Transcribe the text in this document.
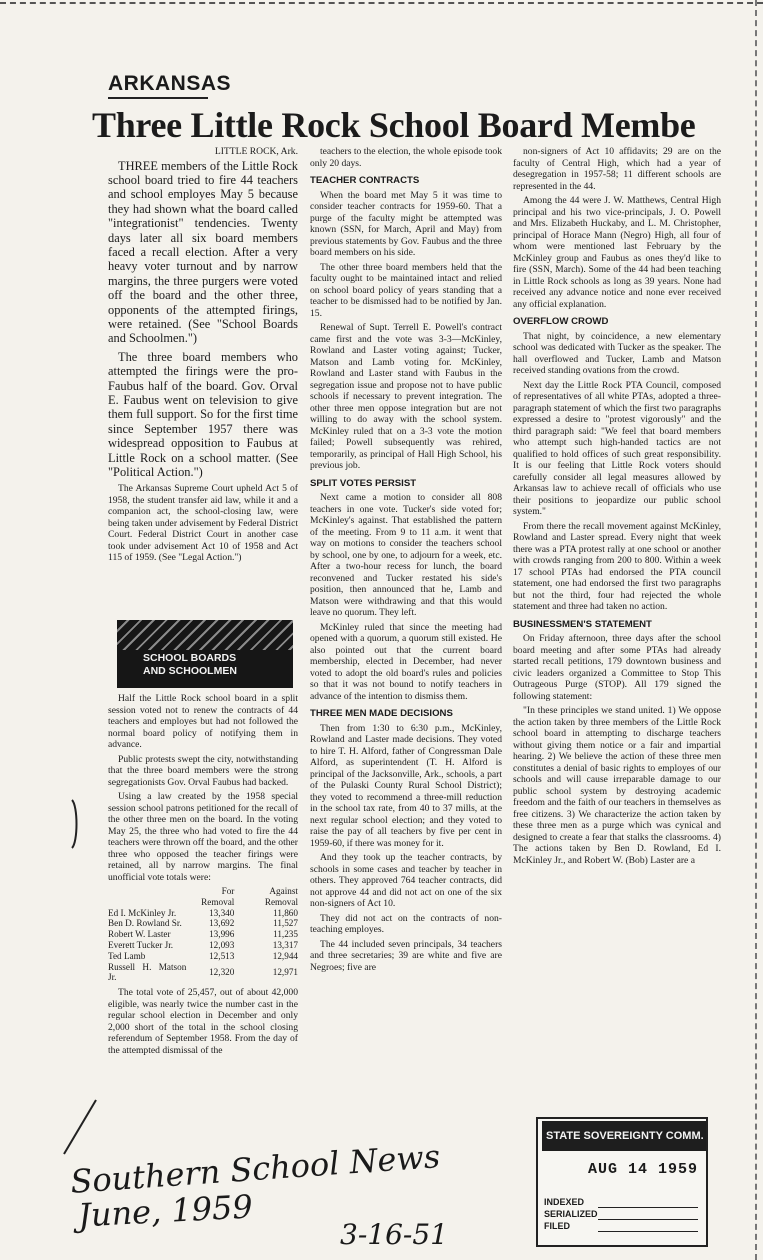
ARKANSAS
Three Little Rock School Board Membe

LITTLE ROCK, Ark.

THREE members of the Little Rock school board tried to fire 44 teachers and school employes May 5 because they had shown what the board called "integrationist" tendencies. Twenty days later all six board members faced a recall election. After a very heavy voter turnout and by narrow margins, the three purgers were voted off the board and the other three, opponents of the attempted firings, were retained. (See "School Boards and Schoolmen.")

The three board members who attempted the firings were the pro-Faubus half of the board. Gov. Orval E. Faubus went on television to give them full support. So for the first time since September 1957 there was widespread opposition to Faubus at Little Rock on a school matter. (See "Political Action.")

The Arkansas Supreme Court upheld Act 5 of 1958, the student transfer aid law, while it and a companion act, the school-closing law, were being taken under advisement by Federal District Court. Federal District Court in another case took under advisement Act 10 of 1958 and Act 115 of 1959. (See "Legal Action.")

SCHOOL BOARDS
AND SCHOOLMEN

Half the Little Rock school board in a split session voted not to renew the contracts of 44 teachers and employes but had not followed the normal board policy of notifying them in advance.

Public protests swept the city, notwithstanding that the three board members were the strong segregationists Gov. Orval Faubus had backed.

Using a law created by the 1958 special session school patrons petitioned for the recall of the other three men on the board. In the voting May 25, the three who had voted to fire the 44 teachers were thrown off the board, and the other three who opposed the teacher firings were retained, all by narrow margins. The final unofficial vote totals were:

	For Removal	Against Removal
Ed I. McKinley Jr.	13,340	11,860
Ben D. Rowland Sr.	13,692	11,527
Robert W. Laster	13,996	11,235
Everett Tucker Jr.	12,093	13,317
Ted Lamb	12,513	12,944
Russell H. Matson Jr.	12,320	12,971

The total vote of 25,457, out of about 42,000 eligible, was nearly twice the number cast in the regular school election in December and only 2,000 short of the total in the school closing referendum of September 1958. From the day of the attempted dismissal of the

teachers to the election, the whole episode took only 20 days.

TEACHER CONTRACTS

When the board met May 5 it was time to consider teacher contracts for 1959-60. That a purge of the faculty might be attempted was known (SSN, for March, April and May) from previous statements by Gov. Faubus and the three board members on his side.

The other three board members held that the faculty ought to be maintained intact and relied on school board policy of years standing that a teacher to be dismissed had to be notified by Jan. 15.

Renewal of Supt. Terrell E. Powell's contract came first and the vote was 3-3—McKinley, Rowland and Laster voting against; Tucker, Matson and Lamb voting for. McKinley, Rowland and Laster stand with Faubus in the segregation issue and propose not to have public schools if necessary to prevent integration. The other three men oppose integration but are not willing to do away with the school system. McKinley ruled that on a 3-3 vote the motion failed; Powell subsequently was rehired, temporarily, as principal of Hall High School, his previous job.

SPLIT VOTES PERSIST

Next came a motion to consider all 808 teachers in one vote. Tucker's side voted for; McKinley's against. That established the pattern of the meeting. From 9 to 11 a.m. it went that way on motions to consider the teachers school by school, one by one, to adjourn for a week, etc. After a two-hour recess for lunch, the board reconvened and Tucker restated his side's position, then announced that he, Lamb and Matson were withdrawing and that this would leave no quorum. They left.

McKinley ruled that since the meeting had opened with a quorum, a quorum still existed. He also pointed out that the current board membership, elected in December, had never voted to adopt the old board's rules and policies so that it was not bound to notify teachers in advance of the intention to dismiss them.

THREE MEN MADE DECISIONS

Then from 1:30 to 6:30 p.m., McKinley, Rowland and Laster made decisions. They voted to hire T. H. Alford, father of Congressman Dale Alford, as superintendent (T. H. Alford is principal of the Jacksonville, Ark., schools, a part of the Pulaski County Rural School District); they voted to recommend a three-mill reduction in the school tax rate, from 40 to 37 mills, at the next regular school election; and they voted to raise the pay of all teachers by five per cent in 1959-60, if there was money for it.

And they took up the teacher contracts, by schools in some cases and teacher by teacher in others. They approved 764 teacher contracts, did not approve 44 and did not act on one of the six non-signers of Act 10.

They did not act on the contracts of non-teaching employes.

The 44 included seven principals, 34 teachers and three secretaries; 39 are white and five are Negroes; five are

non-signers of Act 10 affidavits; 29 are on the faculty of Central High, which had a year of desegregation in 1957-58; 11 different schools are represented in the 44.

Among the 44 were J. W. Matthews, Central High principal and his two vice-principals, J. O. Powell and Mrs. Elizabeth Huckaby, and L. M. Christopher, principal of Horace Mann (Negro) High, all four of whom were mentioned last February by the McKinley group and Faubus as ones they'd like to fire (SSN, March). Some of the 44 had been teaching in Little Rock schools as long as 39 years. None had received any advance notice and none ever received any official explanation.

OVERFLOW CROWD

That night, by coincidence, a new elementary school was dedicated with Tucker as the speaker. The hall overflowed and Tucker, Lamb and Matson received standing ovations from the crowd.

Next day the Little Rock PTA Council, composed of representatives of all white PTAs, adopted a three-paragraph statement of which the first two paragraphs expressed a desire to "protest vigorously" and the third paragraph said: "We feel that board members who attempt such high-handed tactics are not qualified to hold offices of such great responsibility. It is our feeling that Little Rock voters should carefully consider all legal measures allowed by Arkansas law to achieve recall of officials who use their positions to jeopardize our public school system."

From there the recall movement against McKinley, Rowland and Laster spread. Every night that week there was a PTA protest rally at one school or another with crowds ranging from 200 to 800. Within a week 17 school PTAs had endorsed the PTA council statement, one had endorsed the first two paragraphs but not the third, four had rejected the whole statement and three had taken no action.

BUSINESSMEN'S STATEMENT

On Friday afternoon, three days after the school board meeting and after some PTAs had already started recall petitions, 179 downtown business and civic leaders organized a Committee to Stop This Outrageous Purge (STOP). All 179 signed the following statement:

"In these principles we stand united. 1) We oppose the action taken by three members of the Little Rock school board in attempting to discharge teachers without giving them notice or a fair and impartial hearing. 2) We believe the action of these three men constitutes a denial of basic rights to employes of our schools and will cause irreparable damage to our public school system by destroying academic freedom and the faith of our teachers in themselves as free citizens. 3) We characterize the action taken by these three men as a purge which was cynical and designed to create a fear that stalks the classrooms. 4) The actions taken by Ben D. Rowland, Ed I. McKinley Jr., and Robert W. (Bob) Laster are a

STATE SOVEREIGNTY COMM.
AUG 14 1959
INDEXED
SERIALIZED
FILED
Southern School News
June, 1959	3-16-51
